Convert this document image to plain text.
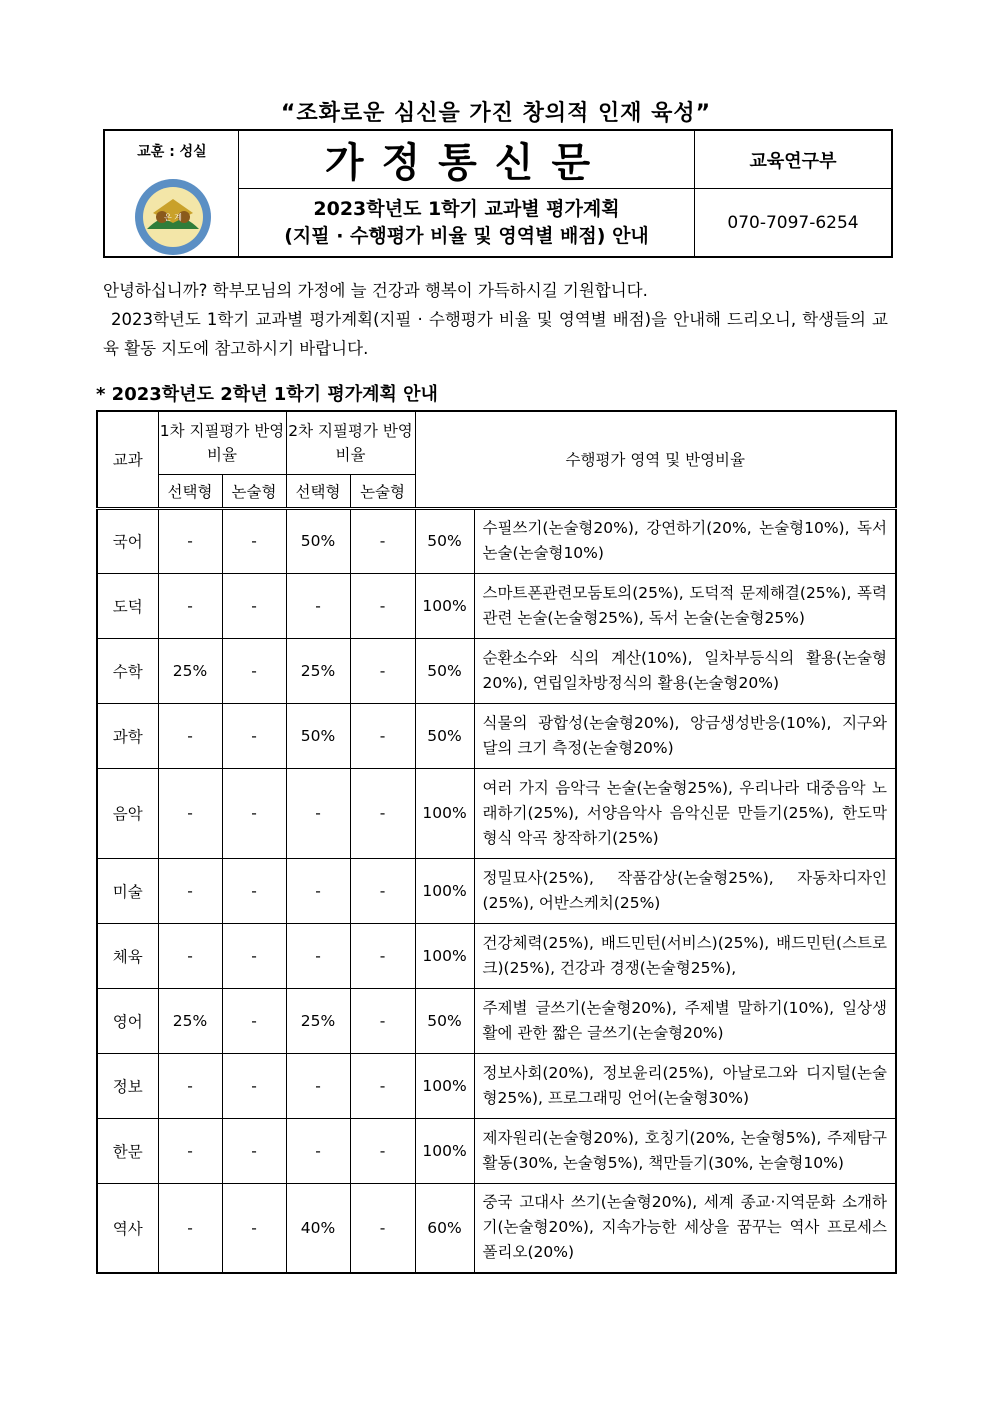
“조화로운 심신을 가진 창의적 인재 육성”
교훈 : 성실
은 계
가정통신문	교육연구부
2023학년도 1학기 교과별 평가계획
(지필 · 수행평가 비율 및 영역별 배점) 안내
070-7097-6254

안녕하십니까? 학부모님의 가정에 늘 건강과 행복이 가득하시길 기원합니다.

2023학년도 1학기 교과별 평가계획(지필 · 수행평가 비율 및 영역별 배점)을 안내해 드리오니, 학생들의 교육 활동 지도에 참고하시기 바랍니다.

* 2023학년도 2학년 1학기 평가계획 안내
교과	1차 지필평가 반영비율		2차 지필평가 반영비율		수행평가 영역 및 반영비율	
	선택형	논술형	선택형	논술형		
국어	-	-	50%	-	50%	수필쓰기(논술형20%), 강연하기(20%, 논술형10%), 독서논술(논술형10%)
도덕	-	-	-	-	100%	스마트폰관련모둠토의(25%), 도덕적 문제해결(25%), 폭력관련 논술(논술형25%), 독서 논술(논술형25%)
수학	25%	-	25%	-	50%	순환소수와 식의 계산(10%), 일차부등식의 활용(논술형20%), 연립일차방정식의 활용(논술형20%)
과학	-	-	50%	-	50%	식물의 광합성(논술형20%), 앙금생성반응(10%), 지구와 달의 크기 측정(논술형20%)
음악	-	-	-	-	100%	여러 가지 음악극 논술(논술형25%), 우리나라 대중음악 노래하기(25%), 서양음악사 음악신문 만들기(25%), 한도막 형식 악곡 창작하기(25%)
미술	-	-	-	-	100%	정밀묘사(25%), 작품감상(논술형25%), 자동차디자인(25%), 어반스케치(25%)
체육	-	-	-	-	100%	건강체력(25%), 배드민턴(서비스)(25%), 배드민턴(스트로크)(25%), 건강과 경쟁(논술형25%),
영어	25%	-	25%	-	50%	주제별 글쓰기(논술형20%), 주제별 말하기(10%), 일상생활에 관한 짧은 글쓰기(논술형20%)
정보	-	-	-	-	100%	정보사회(20%), 정보윤리(25%), 아날로그와 디지털(논술형25%), 프로그래밍 언어(논술형30%)
한문	-	-	-	-	100%	제자원리(논술형20%), 호칭기(20%, 논술형5%), 주제탐구활동(30%, 논술형5%), 책만들기(30%, 논술형10%)
역사	-	-	40%	-	60%	중국 고대사 쓰기(논술형20%), 세계 종교·지역문화 소개하기(논술형20%), 지속가능한 세상을 꿈꾸는 역사 프로세스 폴리오(20%)
